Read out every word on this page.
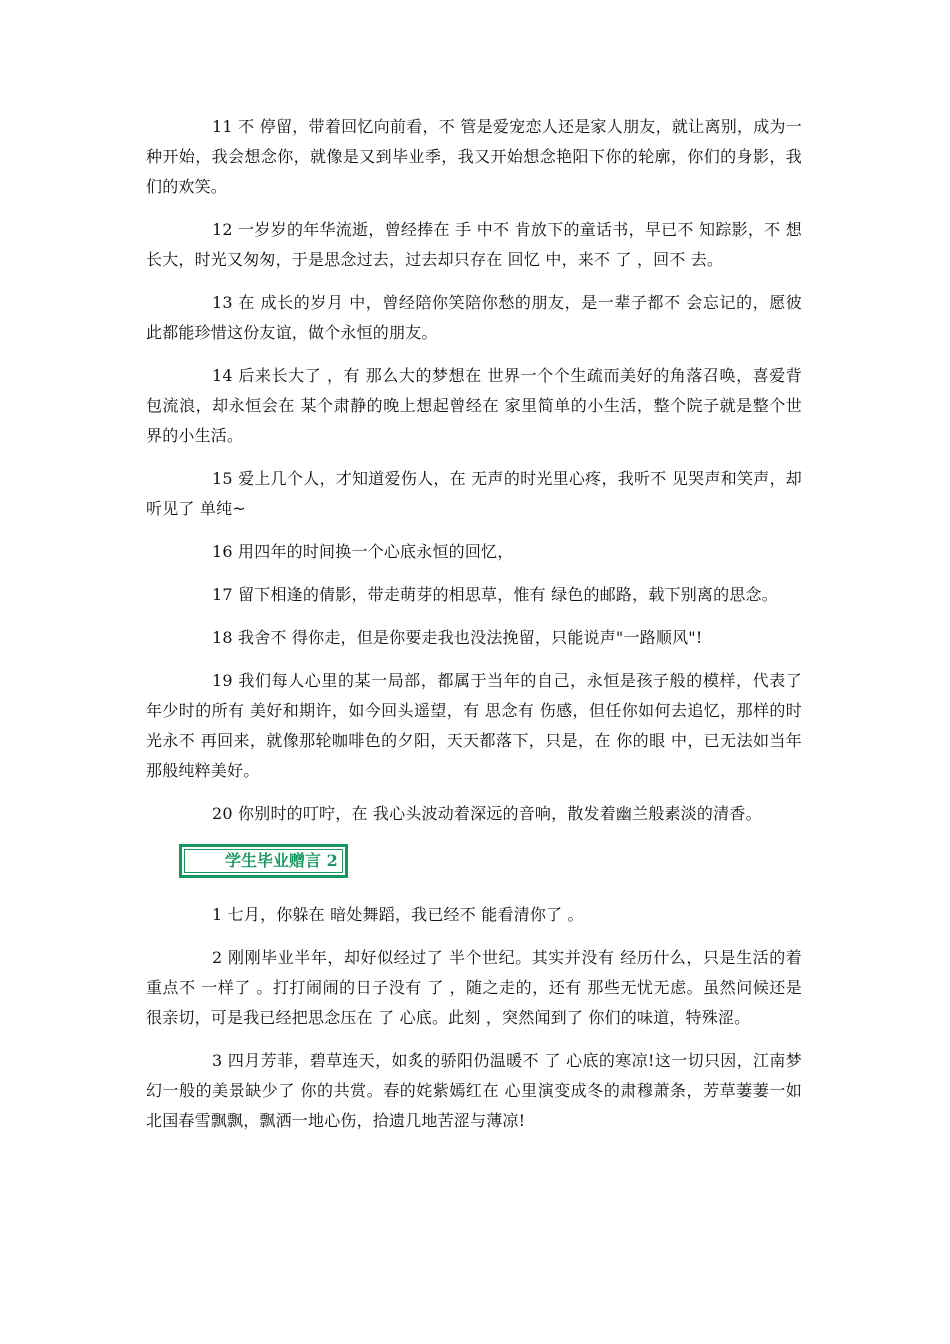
11 不 停留，带着回忆向前看，不 管是爱宠恋人还是家人朋友，就让离别，成为一种开始，我会想念你，就像是又到毕业季，我又开始想念艳阳下你的轮廓，你们的身影，我们的欢笑。

12 一岁岁的年华流逝，曾经捧在 手 中不 肯放下的童话书，早已不 知踪影，不 想长大，时光又匆匆，于是思念过去，过去却只存在 回忆 中，来不 了 ，回不 去。

13 在 成长的岁月 中，曾经陪你笑陪你愁的朋友，是一辈子都不 会忘记的，愿彼此都能珍惜这份友谊，做个永恒的朋友。

14 后来长大了 ，有 那么大的梦想在 世界一个个生疏而美好的角落召唤，喜爱背包流浪，却永恒会在 某个肃静的晚上想起曾经在 家里简单的小生活，整个院子就是整个世界的小生活。

15 爱上几个人，才知道爱伤人，在 无声的时光里心疼，我听不 见哭声和笑声，却听见了 单纯~

16 用四年的时间换一个心底永恒的回忆，

17 留下相逢的倩影，带走萌芽的相思草，惟有 绿色的邮路，载下别离的思念。

18 我舍不 得你走，但是你要走我也没法挽留，只能说声"一路顺风"!

19 我们每人心里的某一局部，都属于当年的自己，永恒是孩子般的模样，代表了 年少时的所有 美好和期许，如今回头遥望，有 思念有 伤感，但任你如何去追忆，那样的时光永不 再回来，就像那轮咖啡色的夕阳，天天都落下，只是，在 你的眼 中，已无法如当年那般纯粹美好。

20 你别时的叮咛，在 我心头波动着深远的音响，散发着幽兰般素淡的清香。

学生毕业赠言 2

1 七月，你躲在 暗处舞蹈，我已经不 能看清你了 。

2 刚刚毕业半年，却好似经过了 半个世纪。其实并没有 经历什么，只是生活的着重点不 一样了 。打打闹闹的日子没有 了 ，随之走的，还有 那些无忧无虑。虽然问候还是很亲切，可是我已经把思念压在 了 心底。此刻 ，突然闻到了 你们的味道，特殊涩。

3 四月芳菲，碧草连天，如炙的骄阳仍温暖不 了 心底的寒凉!这一切只因，江南梦幻一般的美景缺少了 你的共赏。春的姹紫嫣红在 心里演变成冬的肃穆萧条，芳草萋萋一如北国春雪飘飘，飘洒一地心伤，拾遗几地苦涩与薄凉!
